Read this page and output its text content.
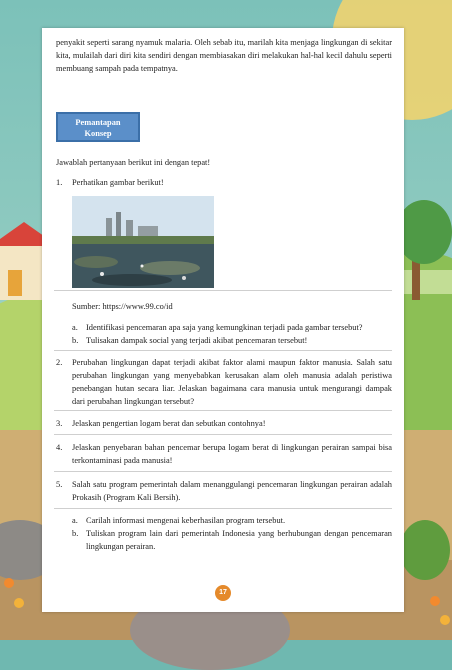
penyakit seperti sarang nyamuk malaria. Oleh sebab itu, marilah kita menjaga lingkungan di sekitar kita, mulailah dari diri kita sendiri dengan membiasakan diri melakukan hal-hal kecil dahulu seperti membuang sampah pada tempatnya.
Pemantapan
Konsep
Jawablah pertanyaan berikut ini dengan tepat!
1. Perhatikan gambar berikut!
Sumber: https://www.99.co/id
a. Identifikasi pencemaran apa saja yang kemungkinan terjadi pada gambar tersebut?
b. Tulisakan dampak social yang terjadi akibat pencemaran tersebut!
2. Perubahan lingkungan dapat terjadi akibat faktor alami maupun faktor manusia. Salah satu perubahan lingkungan yang menyebabkan kerusakan alam oleh manusia adalah peristiwa penebangan hutan secara liar. Jelaskan bagaimana cara manusia untuk mengurangi dampak dari perubahan lingkungan tersebut?
3. Jelaskan pengertian logam berat dan sebutkan contohnya!
4. Jelaskan penyebaran bahan pencemar berupa logam berat di lingkungan perairan sampai bisa terkontaminasi pada manusia!
5. Salah satu program pemerintah dalam menanggulangi pencemaran lingkungan perairan adalah Prokasih (Program Kali Bersih).
a. Carilah informasi mengenai keberhasilan program tersebut.
b. Tuliskan program lain dari pemerintah Indonesia yang berhubungan dengan pencemaran lingkungan perairan.
17
